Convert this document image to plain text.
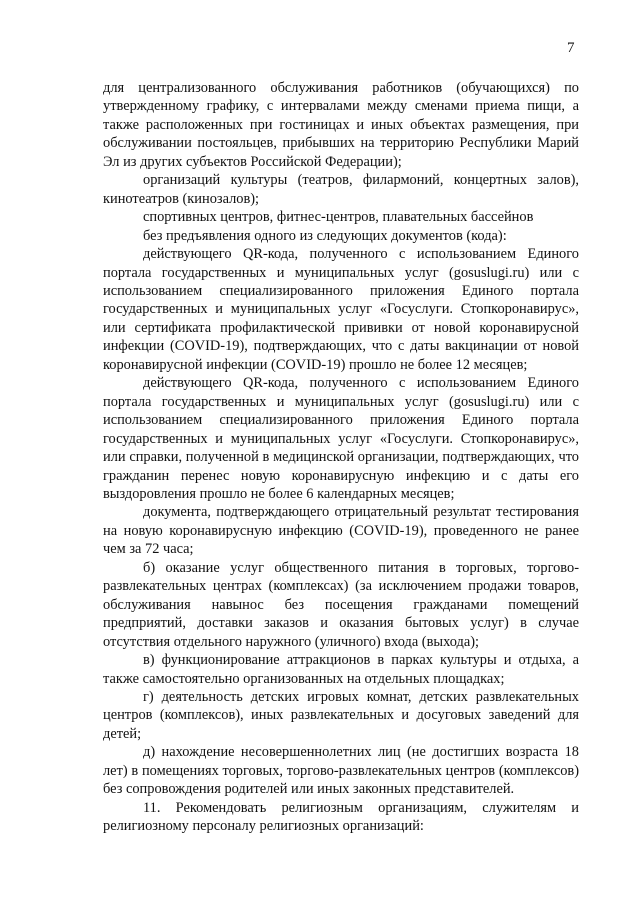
7

для централизованного обслуживания работников (обучающихся) по утвержденному графику, с интервалами между сменами приема пищи, а также расположенных при гостиницах и иных объектах размещения, при обслуживании постояльцев, прибывших на территорию Республики Марий Эл из других субъектов Российской Федерации);

организаций культуры (театров, филармоний, концертных залов), кинотеатров (кинозалов);

спортивных центров, фитнес-центров, плавательных бассейнов

без предъявления одного из следующих документов (кода):

действующего QR-кода, полученного с использованием Единого портала государственных и муниципальных услуг (gosuslugi.ru) или с использованием специализированного приложения Единого портала государственных и муниципальных услуг «Госуслуги. Стопкоронавирус», или сертификата профилактической прививки от новой коронавирусной инфекции (COVID-19), подтверждающих, что с даты вакцинации от новой коронавирусной инфекции (COVID-19) прошло не более 12 месяцев;

действующего QR-кода, полученного с использованием Единого портала государственных и муниципальных услуг (gosuslugi.ru) или с использованием специализированного приложения Единого портала государственных и муниципальных услуг «Госуслуги. Стопкоронавирус», или справки, полученной в медицинской организации, подтверждающих, что гражданин перенес новую коронавирусную инфекцию и с даты его выздоровления прошло не более 6 календарных месяцев;

документа, подтверждающего отрицательный результат тестирования на новую коронавирусную инфекцию (COVID-19), проведенного не ранее чем за 72 часа;

б) оказание услуг общественного питания в торговых, торгово-развлекательных центрах (комплексах) (за исключением продажи товаров, обслуживания навынос без посещения гражданами помещений предприятий, доставки заказов и оказания бытовых услуг) в случае отсутствия отдельного наружного (уличного) входа (выхода);

в) функционирование аттракционов в парках культуры и отдыха, а также самостоятельно организованных на отдельных площадках;

г) деятельность детских игровых комнат, детских развлекательных центров (комплексов), иных развлекательных и досуговых заведений для детей;

д) нахождение несовершеннолетних лиц (не достигших возраста 18 лет) в помещениях торговых, торгово-развлекательных центров (комплексов) без сопровождения родителей или иных законных представителей.

11. Рекомендовать религиозным организациям, служителям и религиозному персоналу религиозных организаций:
